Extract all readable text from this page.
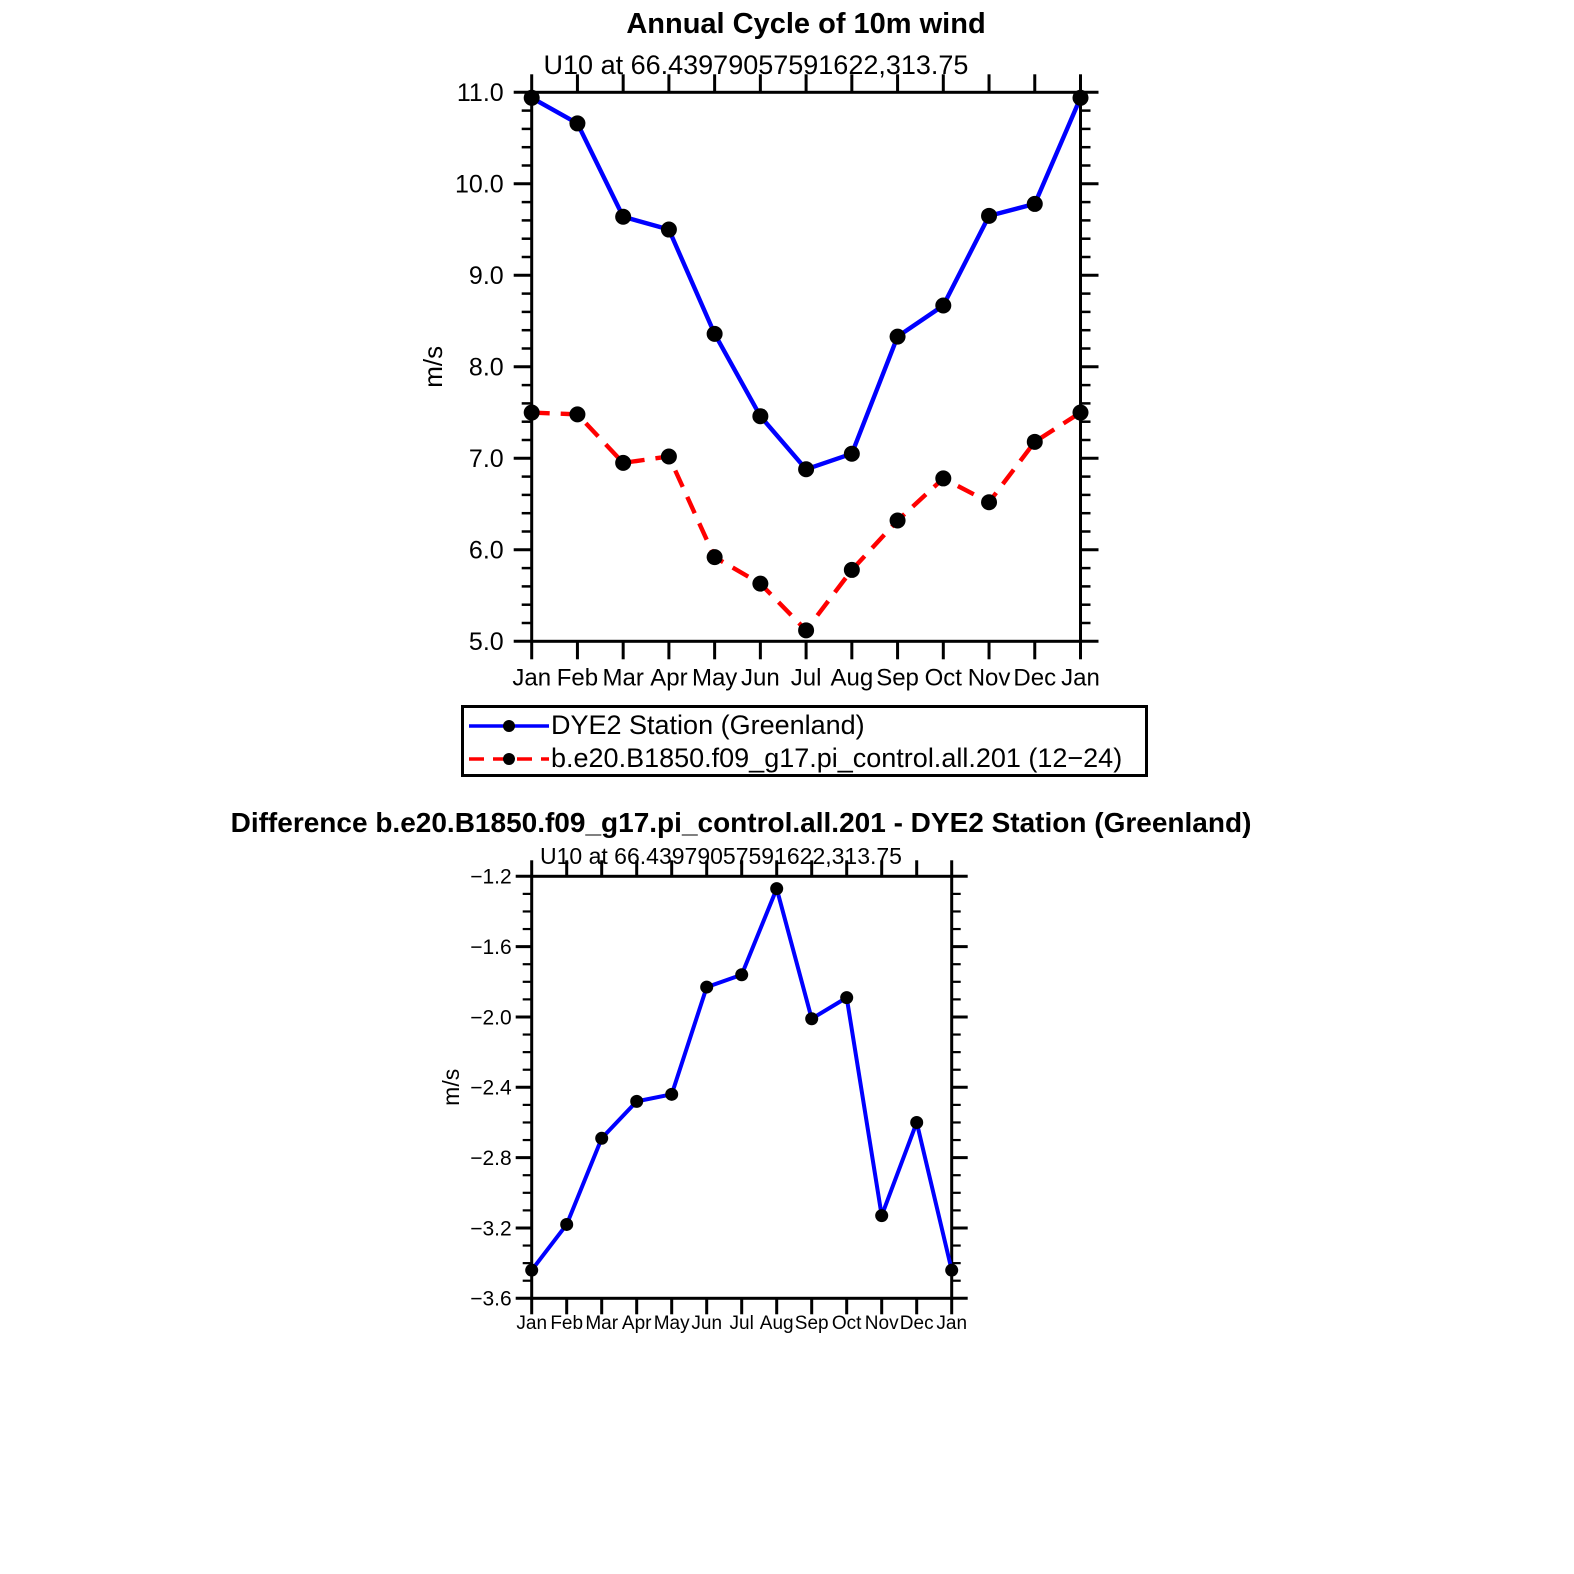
11.0
10.0
9.0
8.0
7.0
6.0
5.0
Jan Feb Mar Apr May Jun Jul Aug Sep Oct Nov Dec Jan
m/s
−1.2
−1.6
−2.0
−2.4
−2.8
−3.2
−3.6
Jan Feb Mar Apr May Jun Jul Aug Sep Oct Nov Dec Jan
m/s
Annual Cycle of 10m wind
U10 at 66.43979057591622,313.75
Difference b.e20.B1850.f09_g17.pi_control.all.201 - DYE2 Station (Greenland)
U10 at 66.43979057591622,313.75
DYE2 Station (Greenland)
b.e20.B1850.f09_g17.pi_control.all.201 (12−24)
